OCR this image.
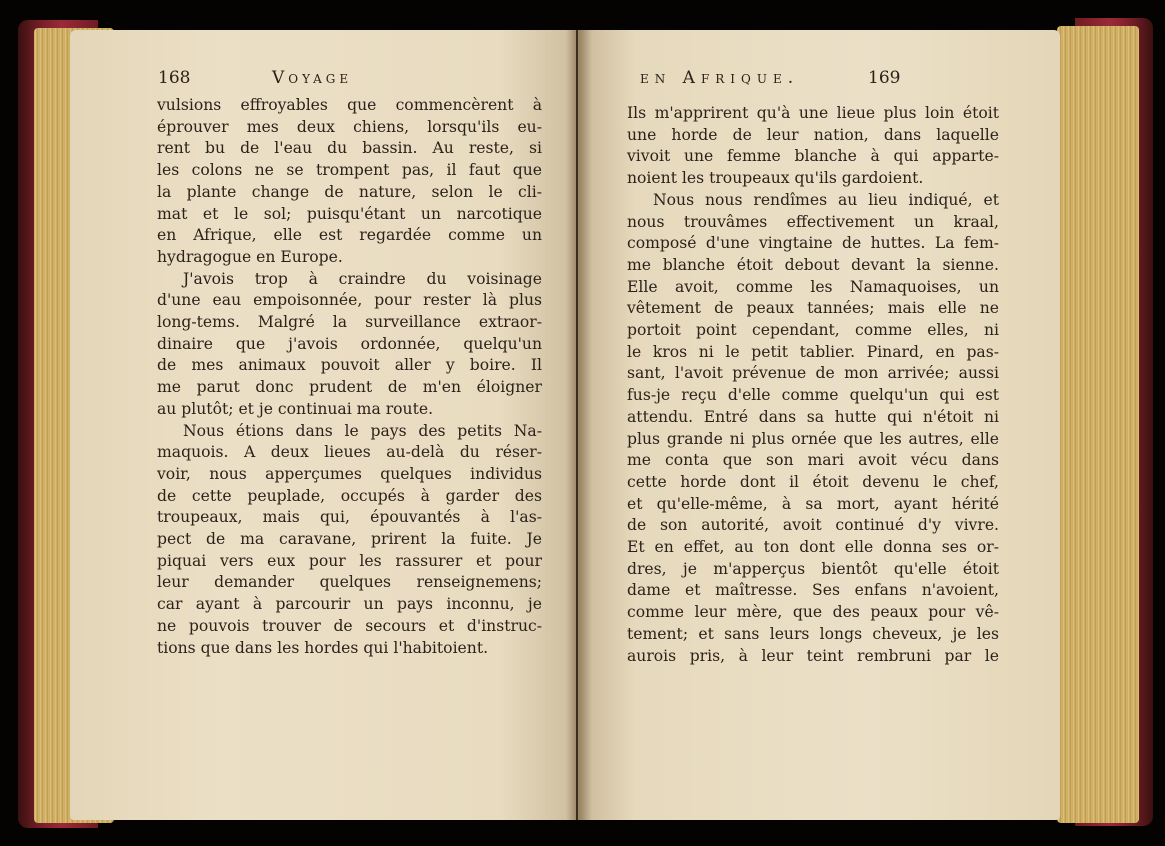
168	Voyage	en Afrique.	169
vulsions effroyables que commencèrent à
éprouver mes deux chiens, lorsqu'ils eu-
rent bu de l'eau du bassin. Au reste, si
les colons ne se trompent pas, il faut que
la plante change de nature, selon le cli-
mat et le sol; puisqu'étant un narcotique
en Afrique, elle est regardée comme un
hydragogue en Europe.
J'avois trop à craindre du voisinage
d'une eau empoisonnée, pour rester là plus
long-tems. Malgré la surveillance extraor-
dinaire que j'avois ordonnée, quelqu'un
de mes animaux pouvoit aller y boire. Il
me parut donc prudent de m'en éloigner
au plutôt; et je continuai ma route.
Nous étions dans le pays des petits Na-
maquois. A deux lieues au-delà du réser-
voir, nous apperçumes quelques individus
de cette peuplade, occupés à garder des
troupeaux, mais qui, épouvantés à l'as-
pect de ma caravane, prirent la fuite. Je
piquai vers eux pour les rassurer et pour
leur demander quelques renseignemens;
car ayant à parcourir un pays inconnu, je
ne pouvois trouver de secours et d'instruc-
tions que dans les hordes qui l'habitoient.
Ils m'apprirent qu'à une lieue plus loin étoit
une horde de leur nation, dans laquelle
vivoit une femme blanche à qui apparte-
noient les troupeaux qu'ils gardoient.
Nous nous rendîmes au lieu indiqué, et
nous trouvâmes effectivement un kraal,
composé d'une vingtaine de huttes. La fem-
me blanche étoit debout devant la sienne.
Elle avoit, comme les Namaquoises, un
vêtement de peaux tannées; mais elle ne
portoit point cependant, comme elles, ni
le kros ni le petit tablier. Pinard, en pas-
sant, l'avoit prévenue de mon arrivée; aussi
fus-je reçu d'elle comme quelqu'un qui est
attendu. Entré dans sa hutte qui n'étoit ni
plus grande ni plus ornée que les autres, elle
me conta que son mari avoit vécu dans
cette horde dont il étoit devenu le chef,
et qu'elle-même, à sa mort, ayant hérité
de son autorité, avoit continué d'y vivre.
Et en effet, au ton dont elle donna ses or-
dres, je m'apperçus bientôt qu'elle étoit
dame et maîtresse. Ses enfans n'avoient,
comme leur mère, que des peaux pour vê-
tement; et sans leurs longs cheveux, je les
aurois pris, à leur teint rembruni par le
